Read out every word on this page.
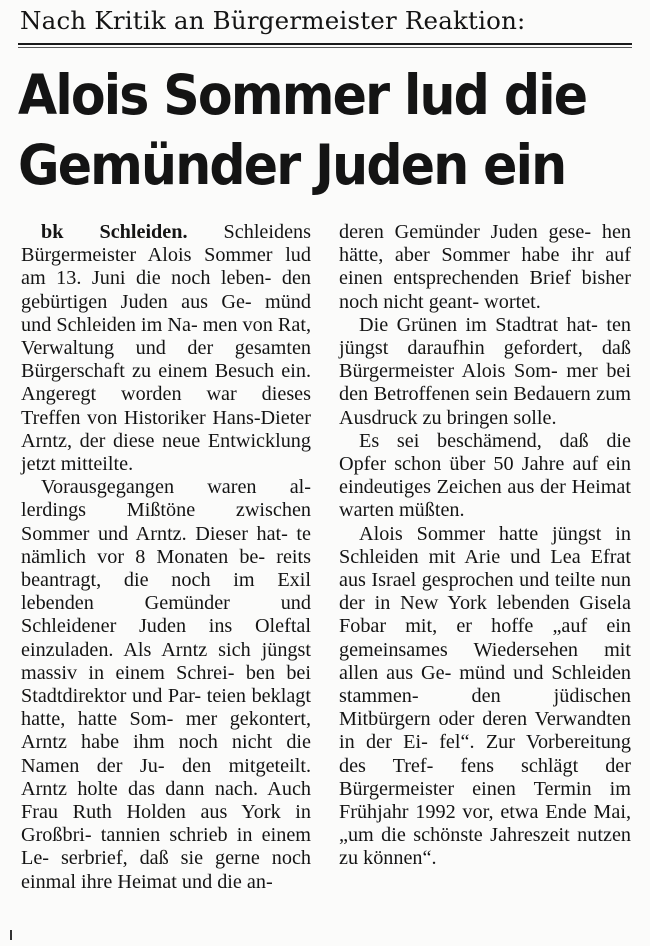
Nach Kritik an Bürgermeister Reaktion:
Alois Sommer lud die
Gemünder Juden ein

bk Schleiden. Schleidens Bürgermeister Alois Sommer lud am 13. Juni die noch leben- den gebürtigen Juden aus Ge- münd und Schleiden im Na- men von Rat, Verwaltung und der gesamten Bürgerschaft zu einem Besuch ein. Angeregt worden war dieses Treffen von Historiker Hans-Dieter Arntz, der diese neue Entwicklung jetzt mitteilte.

Vorausgegangen waren al- lerdings Mißtöne zwischen Sommer und Arntz. Dieser hat- te nämlich vor 8 Monaten be- reits beantragt, die noch im Exil lebenden Gemünder und Schleidener Juden ins Oleftal einzuladen. Als Arntz sich jüngst massiv in einem Schrei- ben bei Stadtdirektor und Par- teien beklagt hatte, hatte Som- mer gekontert, Arntz habe ihm noch nicht die Namen der Ju- den mitgeteilt. Arntz holte das dann nach. Auch Frau Ruth Holden aus York in Großbri- tannien schrieb in einem Le- serbrief, daß sie gerne noch einmal ihre Heimat und die an-

deren Gemünder Juden gese- hen hätte, aber Sommer habe ihr auf einen entsprechenden Brief bisher noch nicht geant- wortet.

Die Grünen im Stadtrat hat- ten jüngst daraufhin gefordert, daß Bürgermeister Alois Som- mer bei den Betroffenen sein Bedauern zum Ausdruck zu bringen solle.

Es sei beschämend, daß die Opfer schon über 50 Jahre auf ein eindeutiges Zeichen aus der Heimat warten müßten.

Alois Sommer hatte jüngst in Schleiden mit Arie und Lea Efrat aus Israel gesprochen und teilte nun der in New York lebenden Gisela Fobar mit, er hoffe „auf ein gemeinsames Wiedersehen mit allen aus Ge- münd und Schleiden stammen- den jüdischen Mitbürgern oder deren Verwandten in der Ei- fel“. Zur Vorbereitung des Tref- fens schlägt der Bürgermeister einen Termin im Frühjahr 1992 vor, etwa Ende Mai, „um die schönste Jahreszeit nutzen zu können“.
